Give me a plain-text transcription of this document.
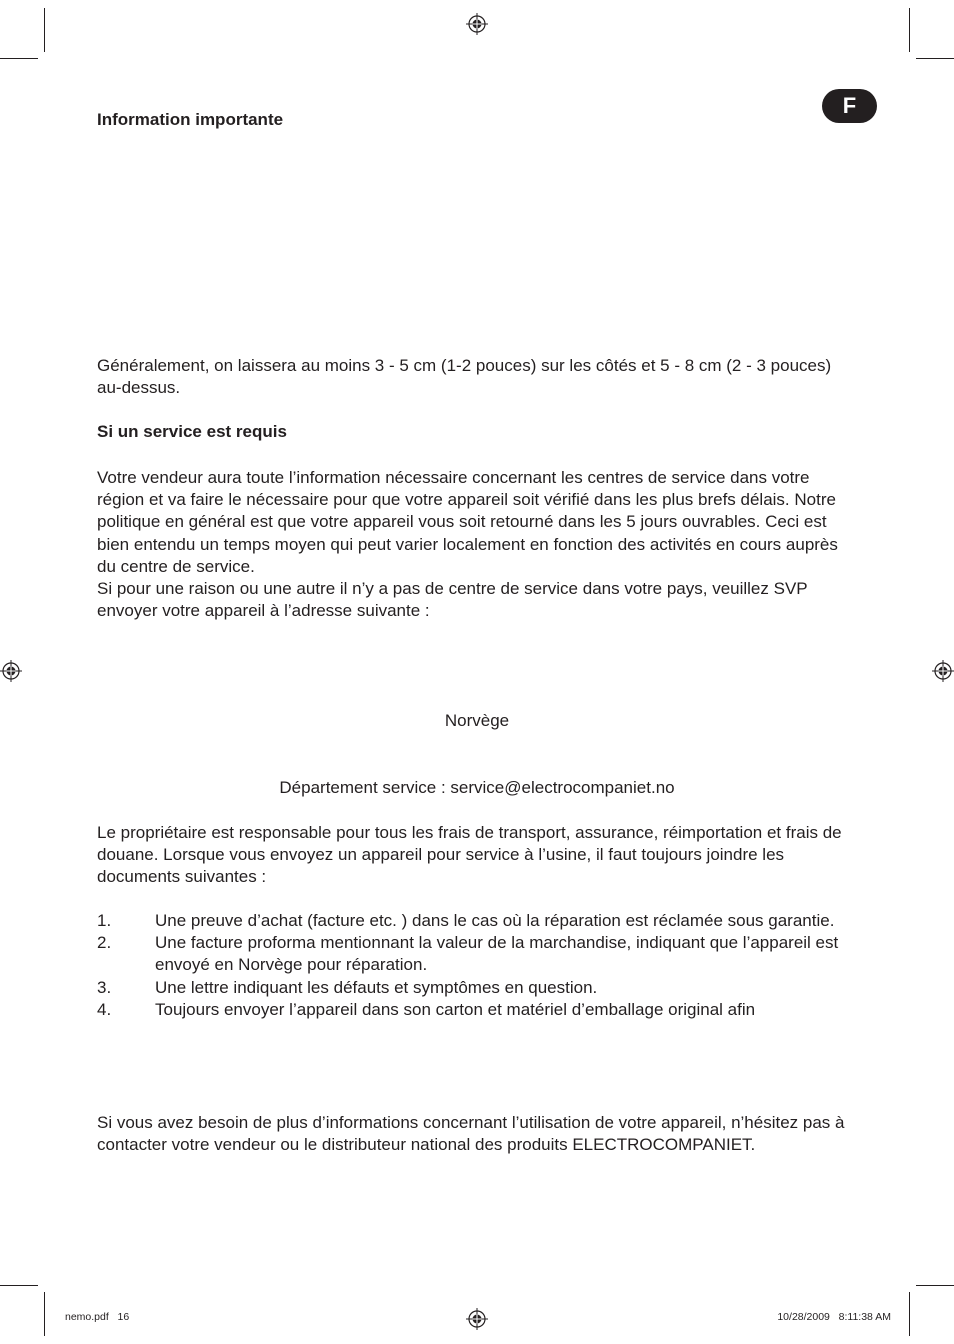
F
Information importante
Généralement, on laissera au moins 3 - 5 cm (1-2 pouces) sur les côtés et 5 - 8 cm (2 - 3 pouces) au-dessus.
Si un service est requis
Votre vendeur aura toute l’information nécessaire concernant les centres de service dans votre région et va faire le nécessaire pour que votre appareil soit vérifié dans les plus brefs délais. Notre politique en général est que votre appareil vous soit retourné dans les 5 jours ouvrables. Ceci est bien entendu un temps moyen qui peut varier localement en fonction des activités en cours auprès du centre de service.
Si pour une raison ou une autre il n’y a pas de centre de service dans votre pays, veuillez SVP envoyer votre appareil à l’adresse suivante :
Norvège
Département service : service@electrocompaniet.no
Le propriétaire est responsable pour tous les frais de transport, assurance, réimportation et frais de douane. Lorsque vous envoyez un appareil pour service à l’usine, il faut toujours joindre les documents suivantes :
1.	Une preuve d’achat (facture etc. ) dans le cas où la réparation est réclamée sous garantie.
2.	Une facture proforma mentionnant la valeur de la marchandise, indiquant que l’appareil est envoyé en Norvège pour réparation.
3.	Une lettre indiquant les défauts et symptômes en question.
4.	Toujours envoyer l’appareil dans son carton et matériel d’emballage original afin
Si vous avez besoin de plus d’informations concernant l’utilisation de votre appareil, n’hésitez pas à contacter votre vendeur ou le distributeur national des produits ELECTROCOMPANIET.
nemo.pdf   16	10/28/2009   8:11:38 AM
